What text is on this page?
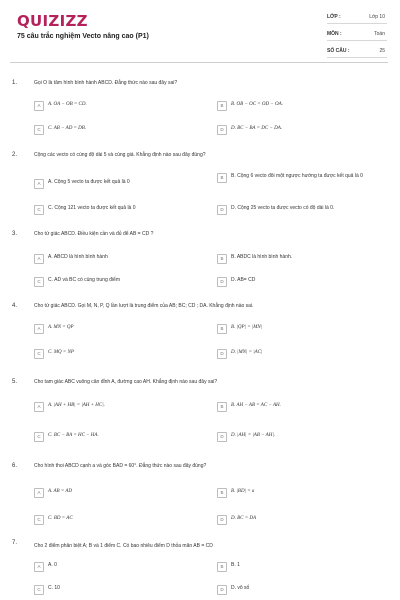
QUIZIZZ
75 câu trắc nghiệm Vecto nâng cao (P1)
LỚP :	Lớp 10
MÔN :	Toán
SỐ CÂU :	25
1.	Gọi O là tâm hình bình hành ABCD. Đẳng thức nào sau đây sai?
A	A. OA − OB = CD.	B	B. OB − OC = OD − OA.
C	C. AB − AD = DB.	D	D. BC − BA = DC − DA.
2.	Cộng các vecto có cùng độ dài 5 và cùng giá. Khẳng định nào sau đây đúng?
A	A. Cộng 5 vecto ta được kết quả là 0
B	B. Cộng 6 vecto đôi một ngược hướng ta được kết quả là 0
C	C. Cộng 121 vecto ta được kết quả là 0	D	D. Cộng 25 vecto ta được vecto có độ dài là 0.
3.	Cho tứ giác ABCD. Điều kiện cần và đủ để AB = CD ?
A	A. ABCD là hình bình hành	B	B. ABDC là hình bình hành.
C	C. AD và BC có cùng trung điểm	D	D. AB= CD
4.	Cho tứ giác ABCD. Gọi M, N, P, Q lần lượt là trung điểm của AB; BC; CD ; DA. Khẳng định nào sai.
A	A. MN = QP	B	B. |QP| = |MN|
C	C. MQ = NP	D	D. |MN| = |AC|
5.	Cho tam giác ABC vuông cân đỉnh A, đường cao AH. Khẳng định nào sau đây sai?
A	A. |AH + HB| = |AH + HC|.	B	B. AH − AB = AC − AH.
C	C. BC − BA = HC − HA.	D	D. |AH| = |AB − AH|.
6.	Cho hình thoi ABCD cạnh a và góc BAD = 60°. Đẳng thức nào sau đây đúng?
A	A. AB = AD	B	B. |BD| = a
C	C. BD = AC	D	D. BC = DA
7.	Cho 2 điểm phân biệt A; B và 1 điểm C. Có bao nhiêu điểm D thỏa mãn AB = CD
A	A. 0	B	B. 1
C	C. 10	D	D. vô số
